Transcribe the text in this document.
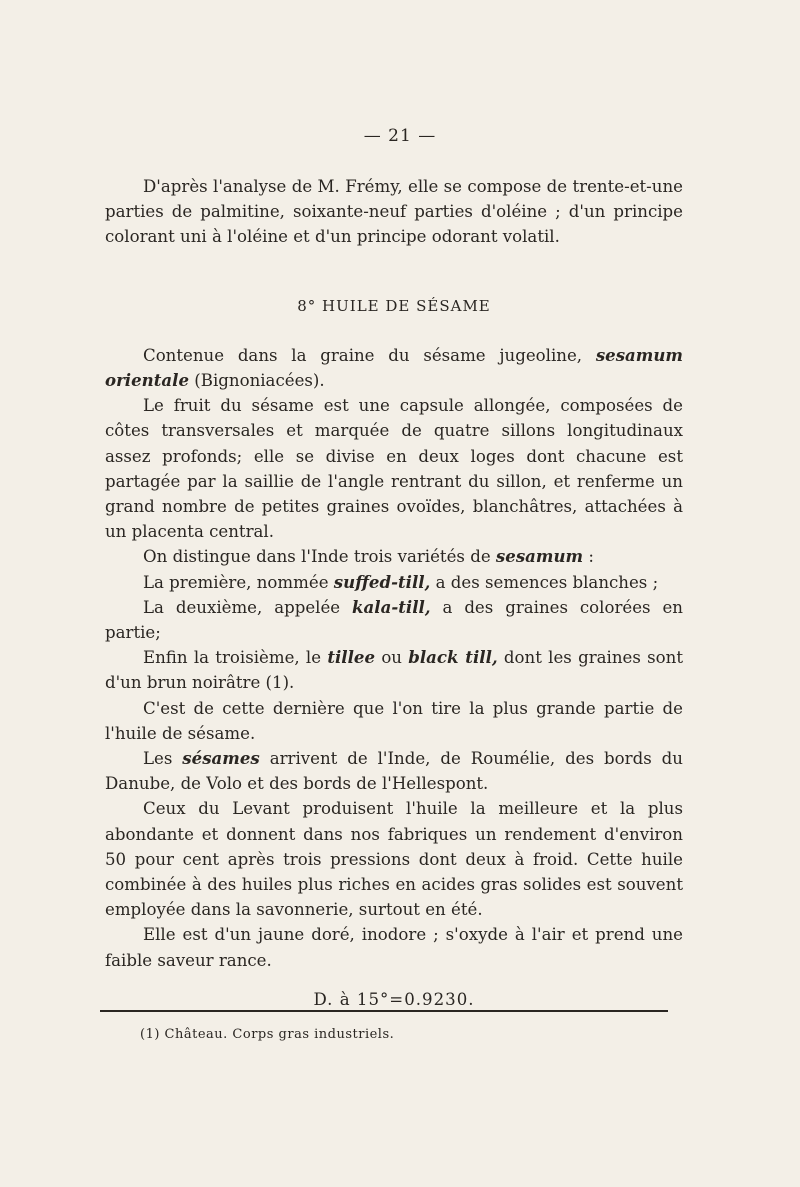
— 21 —

D'après l'analyse de M. Frémy, elle se compose de trente-et-une parties de palmitine, soixante-neuf parties d'oléine ; d'un principe colorant uni à l'oléine et d'un principe odorant volatil.

8° HUILE DE SÉSAME

Contenue dans la graine du sésame jugeoline, sesamum orientale (Bignoniacées).

Le fruit du sésame est une capsule allongée, composées de côtes transversales et marquée de quatre sillons longitudinaux assez profonds; elle se divise en deux loges dont chacune est partagée par la saillie de l'angle rentrant du sillon, et renferme un grand nombre de petites graines ovoïdes, blanchâtres, attachées à un placenta central.

On distingue dans l'Inde trois variétés de sesamum :

La première, nommée suffed-till, a des semences blanches ;

La deuxième, appelée kala-till, a des graines colorées en partie;

Enfin la troisième, le tillee ou black till, dont les graines sont d'un brun noirâtre (1).

C'est de cette dernière que l'on tire la plus grande partie de l'huile de sésame.

Les sésames arrivent de l'Inde, de Roumélie, des bords du Danube, de Volo et des bords de l'Hellespont.

Ceux du Levant produisent l'huile la meilleure et la plus abondante et donnent dans nos fabriques un rendement d'environ 50 pour cent après trois pressions dont deux à froid. Cette huile combinée à des huiles plus riches en acides gras solides est souvent employée dans la savonnerie, surtout en été.

Elle est d'un jaune doré, inodore ; s'oxyde à l'air et prend une faible saveur rance.

D. à 15°=0.9230.

(1) Château. Corps gras industriels.
